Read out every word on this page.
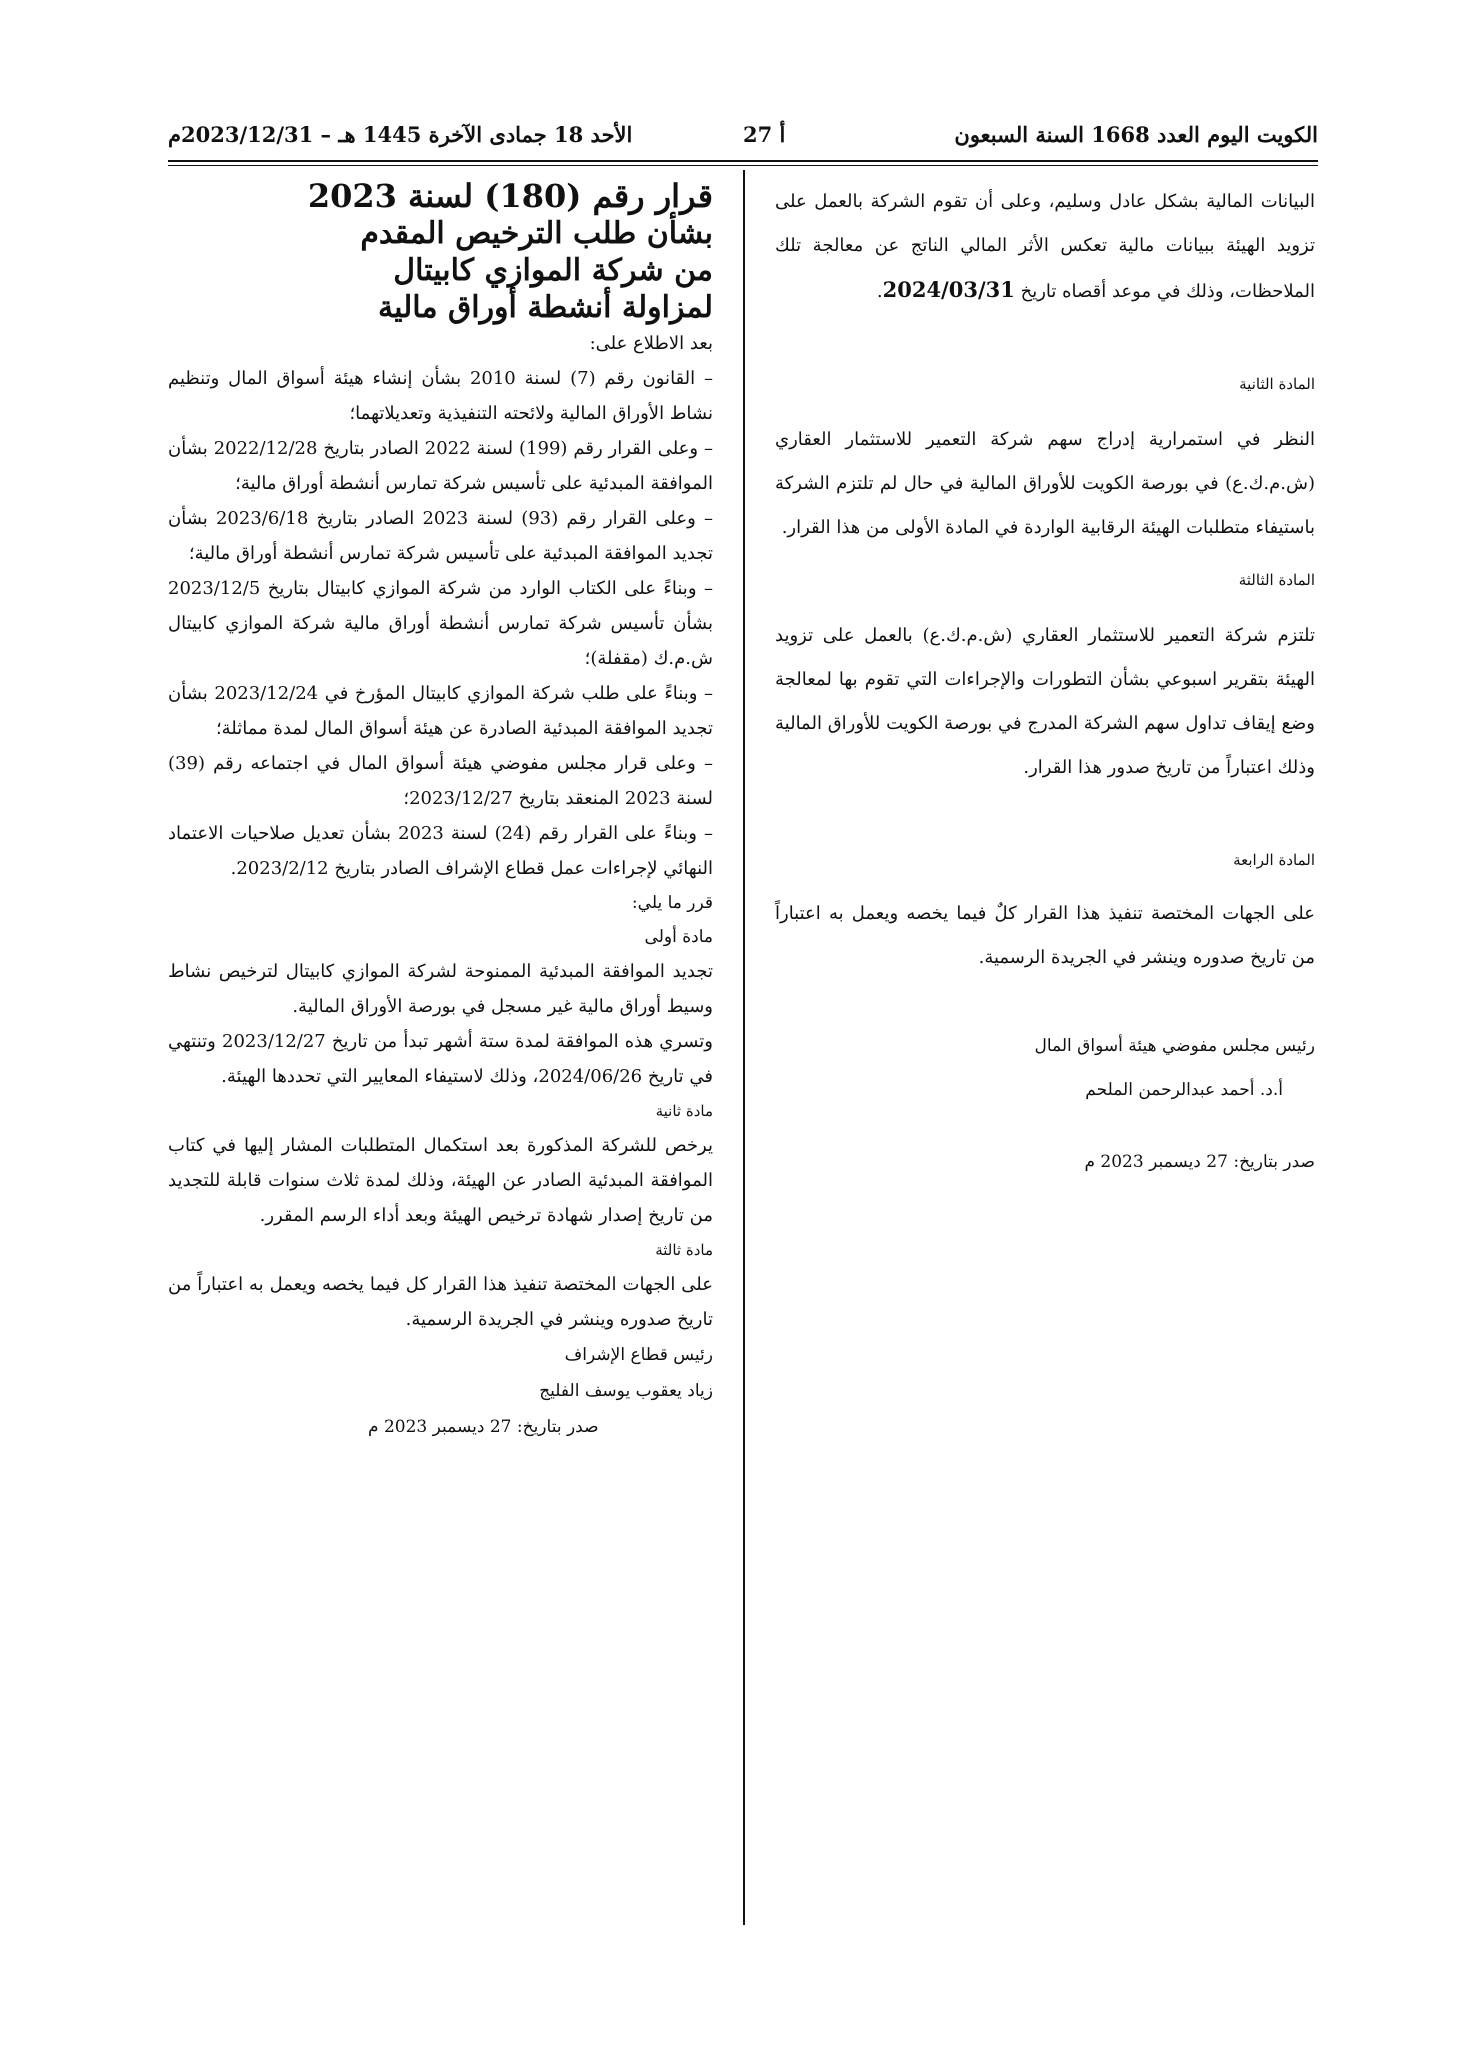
الكويت اليوم العدد 1668 السنة السبعون
أ 27
الأحد 18 جمادى الآخرة 1445 هـ – 2023/12/31م

البيانات المالية بشكل عادل وسليم، وعلى أن تقوم الشركة بالعمل على تزويد الهيئة ببيانات مالية تعكس الأثر المالي الناتج عن معالجة تلك الملاحظات، وذلك في موعد أقصاه تاريخ 2024/03/31.

المادة الثانية

النظر في استمرارية إدراج سهم شركة التعمير للاستثمار العقاري (ش.م.ك.ع) في بورصة الكويت للأوراق المالية في حال لم تلتزم الشركة باستيفاء متطلبات الهيئة الرقابية الواردة في المادة الأولى من هذا القرار.

المادة الثالثة

تلتزم شركة التعمير للاستثمار العقاري (ش.م.ك.ع) بالعمل على تزويد الهيئة بتقرير اسبوعي بشأن التطورات والإجراءات التي تقوم بها لمعالجة وضع إيقاف تداول سهم الشركة المدرج في بورصة الكويت للأوراق المالية وذلك اعتباراً من تاريخ صدور هذا القرار.

المادة الرابعة

على الجهات المختصة تنفيذ هذا القرار كلٌ فيما يخصه ويعمل به اعتباراً من تاريخ صدوره وينشر في الجريدة الرسمية.

رئيس مجلس مفوضي هيئة أسواق المال
أ.د. أحمد عبدالرحمن الملحم
صدر بتاريخ: 27 ديسمبر 2023 م

قرار رقم (180) لسنة 2023

بشأن طلب الترخيص المقدم

من شركة الموازي كابيتال

لمزاولة أنشطة أوراق مالية

بعد الاطلاع على:

– القانون رقم (7) لسنة 2010 بشأن إنشاء هيئة أسواق المال وتنظيم نشاط الأوراق المالية ولائحته التنفيذية وتعديلاتهما؛

– وعلى القرار رقم (199) لسنة 2022 الصادر بتاريخ 2022/12/28 بشأن الموافقة المبدئية على تأسيس شركة تمارس أنشطة أوراق مالية؛

– وعلى القرار رقم (93) لسنة 2023 الصادر بتاريخ 2023/6/18 بشأن تجديد الموافقة المبدئية على تأسيس شركة تمارس أنشطة أوراق مالية؛

– وبناءً على الكتاب الوارد من شركة الموازي كابيتال بتاريخ 2023/12/5 بشأن تأسيس شركة تمارس أنشطة أوراق مالية شركة الموازي كابيتال ش.م.ك (مقفلة)؛

– وبناءً على طلب شركة الموازي كابيتال المؤرخ في 2023/12/24 بشأن تجديد الموافقة المبدئية الصادرة عن هيئة أسواق المال لمدة مماثلة؛

– وعلى قرار مجلس مفوضي هيئة أسواق المال في اجتماعه رقم (39) لسنة 2023 المنعقد بتاريخ 2023/12/27؛

– وبناءً على القرار رقم (24) لسنة 2023 بشأن تعديل صلاحيات الاعتماد النهائي لإجراءات عمل قطاع الإشراف الصادر بتاريخ 2023/2/12.

قرر ما يلي:

مادة أولى

تجديد الموافقة المبدئية الممنوحة لشركة الموازي كابيتال لترخيص نشاط وسيط أوراق مالية غير مسجل في بورصة الأوراق المالية.

وتسري هذه الموافقة لمدة ستة أشهر تبدأ من تاريخ 2023/12/27 وتنتهي في تاريخ 2024/06/26، وذلك لاستيفاء المعايير التي تحددها الهيئة.

مادة ثانية

يرخص للشركة المذكورة بعد استكمال المتطلبات المشار إليها في كتاب الموافقة المبدئية الصادر عن الهيئة، وذلك لمدة ثلاث سنوات قابلة للتجديد من تاريخ إصدار شهادة ترخيص الهيئة وبعد أداء الرسم المقرر.

مادة ثالثة

على الجهات المختصة تنفيذ هذا القرار كل فيما يخصه ويعمل به اعتباراً من تاريخ صدوره وينشر في الجريدة الرسمية.

رئيس قطاع الإشراف
زياد يعقوب يوسف الفليج
صدر بتاريخ: 27 ديسمبر 2023 م
